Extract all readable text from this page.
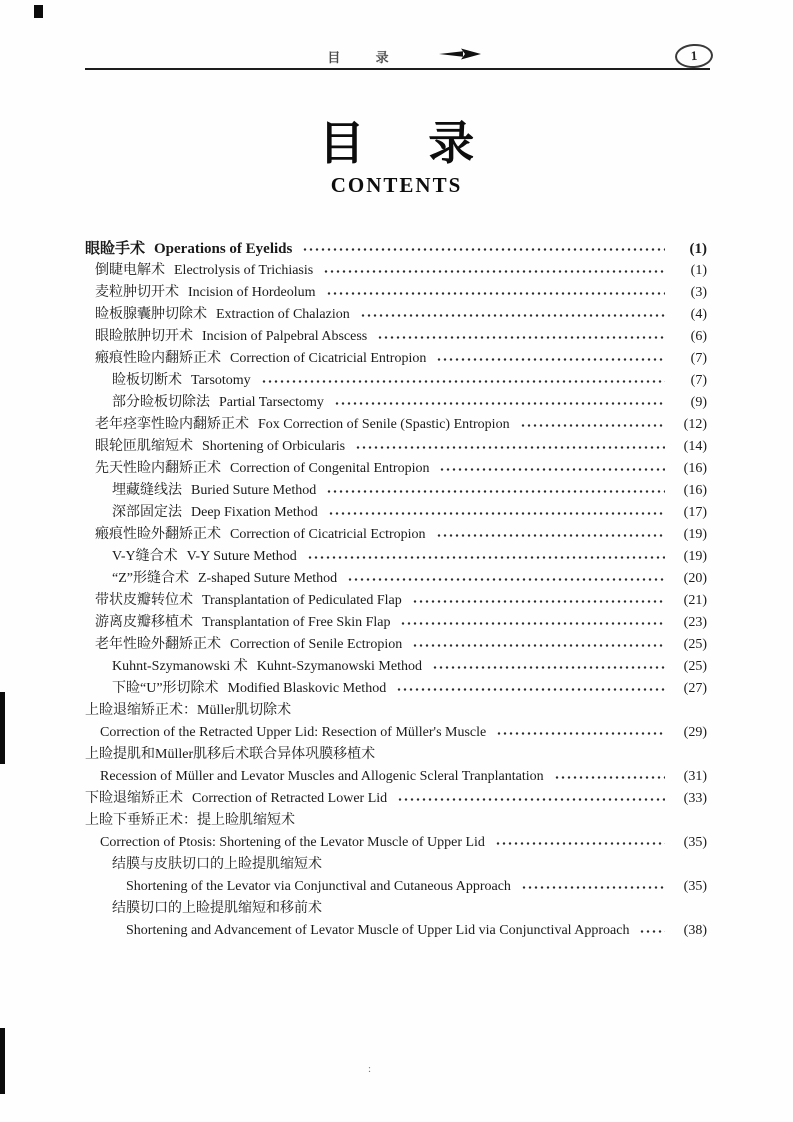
目 录	1
目 录
CONTENTS
眼睑手术 Operations of Eyelids	(1)
倒睫电解术 Electrolysis of Trichiasis	(1)
麦粒肿切开术 Incision of Hordeolum	(3)
睑板腺囊肿切除术 Extraction of Chalazion	(4)
眼睑脓肿切开术 Incision of Palpebral Abscess	(6)
瘢痕性睑内翻矫正术 Correction of Cicatricial Entropion	(7)
睑板切断术 Tarsotomy	(7)
部分睑板切除法 Partial Tarsectomy	(9)
老年痉挛性睑内翻矫正术 Fox Correction of Senile (Spastic) Entropion	(12)
眼轮匝肌缩短术 Shortening of Orbicularis	(14)
先天性睑内翻矫正术 Correction of Congenital Entropion	(16)
埋藏缝线法 Buried Suture Method	(16)
深部固定法 Deep Fixation Method	(17)
瘢痕性睑外翻矫正术 Correction of Cicatricial Ectropion	(19)
V-Y缝合术 V-Y Suture Method	(19)
“Z”形缝合术 Z-shaped Suture Method	(20)
带状皮瓣转位术 Transplantation of Pediculated Flap	(21)
游离皮瓣移植术 Transplantation of Free Skin Flap	(23)
老年性睑外翻矫正术 Correction of Senile Ectropion	(25)
Kuhnt-Szymanowski 术 Kuhnt-Szymanowski Method	(25)
下睑“U”形切除术 Modified Blaskovic Method	(27)
上睑退缩矫正术：Müller肌切除术
Correction of the Retracted Upper Lid: Resection of Müller's Muscle	(29)
上睑提肌和Müller肌移后术联合异体巩膜移植术
Recession of Müller and Levator Muscles and Allogenic Scleral Tranplantation	(31)
下睑退缩矫正术 Correction of Retracted Lower Lid	(33)
上睑下垂矫正术：提上睑肌缩短术
Correction of Ptosis: Shortening of the Levator Muscle of Upper Lid	(35)
结膜与皮肤切口的上睑提肌缩短术
Shortening of the Levator via Conjunctival and Cutaneous Approach	(35)
结膜切口的上睑提肌缩短和移前术
Shortening and Advancement of Levator Muscle of Upper Lid via Conjunctival Approach	(38)
:
